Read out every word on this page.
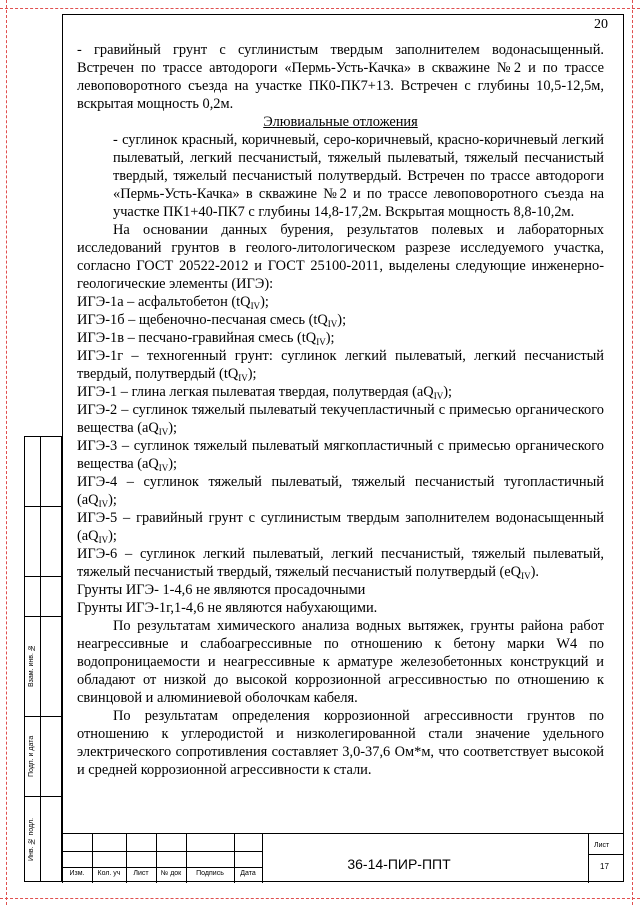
Взам. инв. №
Подп. и дата
Инв. № подл.
20

- гравийный грунт с суглинистым твердым заполнителем водонасыщенный. Встречен по трассе автодороги «Пермь-Усть-Качка» в скважине №2 и по трассе левоповоротного съезда на участке ПК0-ПК7+13. Встречен с глубины 10,5-12,5м, вскрытая мощность 0,2м.

Элювиальные отложения

- суглинок красный, коричневый, серо-коричневый, красно-коричневый легкий пылеватый, легкий песчанистый, тяжелый пылеватый, тяжелый песчанистый твердый, тяжелый песчанистый полутвердый. Встречен по трассе автодороги «Пермь-Усть-Качка» в скважине №2 и по трассе левоповоротного съезда на участке ПК1+40-ПК7 с глубины 14,8-17,2м. Вскрытая мощность 8,8-10,2м.

На основании данных бурения, результатов полевых и лабораторных исследований грунтов в геолого-литологическом разрезе исследуемого участка, согласно ГОСТ 20522-2012 и ГОСТ 25100-2011, выделены следующие инженерно-геологические элементы (ИГЭ):

ИГЭ-1а – асфальтобетон $(tQ_{IV})$;

ИГЭ-1б – щебеночно-песчаная смесь $(tQ_{IV})$;

ИГЭ-1в – песчано-гравийная смесь $(tQ_{IV})$;

ИГЭ-1г – техногенный грунт: суглинок легкий пылеватый, легкий песчанистый твердый, полутвердый $(tQ_{IV})$;

ИГЭ-1 – глина легкая пылеватая твердая, полутвердая $(aQ_{IV})$;

ИГЭ-2 – суглинок тяжелый пылеватый текучепластичный с примесью органического вещества $(aQ_{IV})$;

ИГЭ-3 – суглинок тяжелый пылеватый мягкопластичный с примесью органического вещества $(aQ_{IV})$;

ИГЭ-4 – суглинок тяжелый пылеватый, тяжелый песчанистый тугопластичный $(aQ_{IV})$;

ИГЭ-5 – гравийный грунт с суглинистым твердым заполнителем водонасыщенный $(aQ_{IV})$;

ИГЭ-6 – суглинок легкий пылеватый, легкий песчанистый, тяжелый пылеватый, тяжелый песчанистый твердый, тяжелый песчанистый полутвердый $(eQ_{IV})$.

Грунты ИГЭ- 1-4,6 не являются просадочными

Грунты ИГЭ-1г,1-4,6 не являются набухающими.

По результатам химического анализа водных вытяжек, грунты района работ неагрессивные и слабоагрессивные по отношению к бетону марки W4 по водопроницаемости и неагрессивные к арматуре железобетонных конструкций и обладают от низкой до высокой коррозионной агрессивностью по отношению к свинцовой и алюминиевой оболочкам кабеля.

По результатам определения коррозионной агрессивности грунтов по отношению к углеродистой и низколегированной стали значение удельного электрического сопротивления составляет 3,0-37,6 Ом*м, что соответствует высокой и средней коррозионной агрессивности к стали.

Изм.	Кол. уч	Лист	№ док	Подпись	Дата
36-14-ПИР-ППТ
Лист
17
